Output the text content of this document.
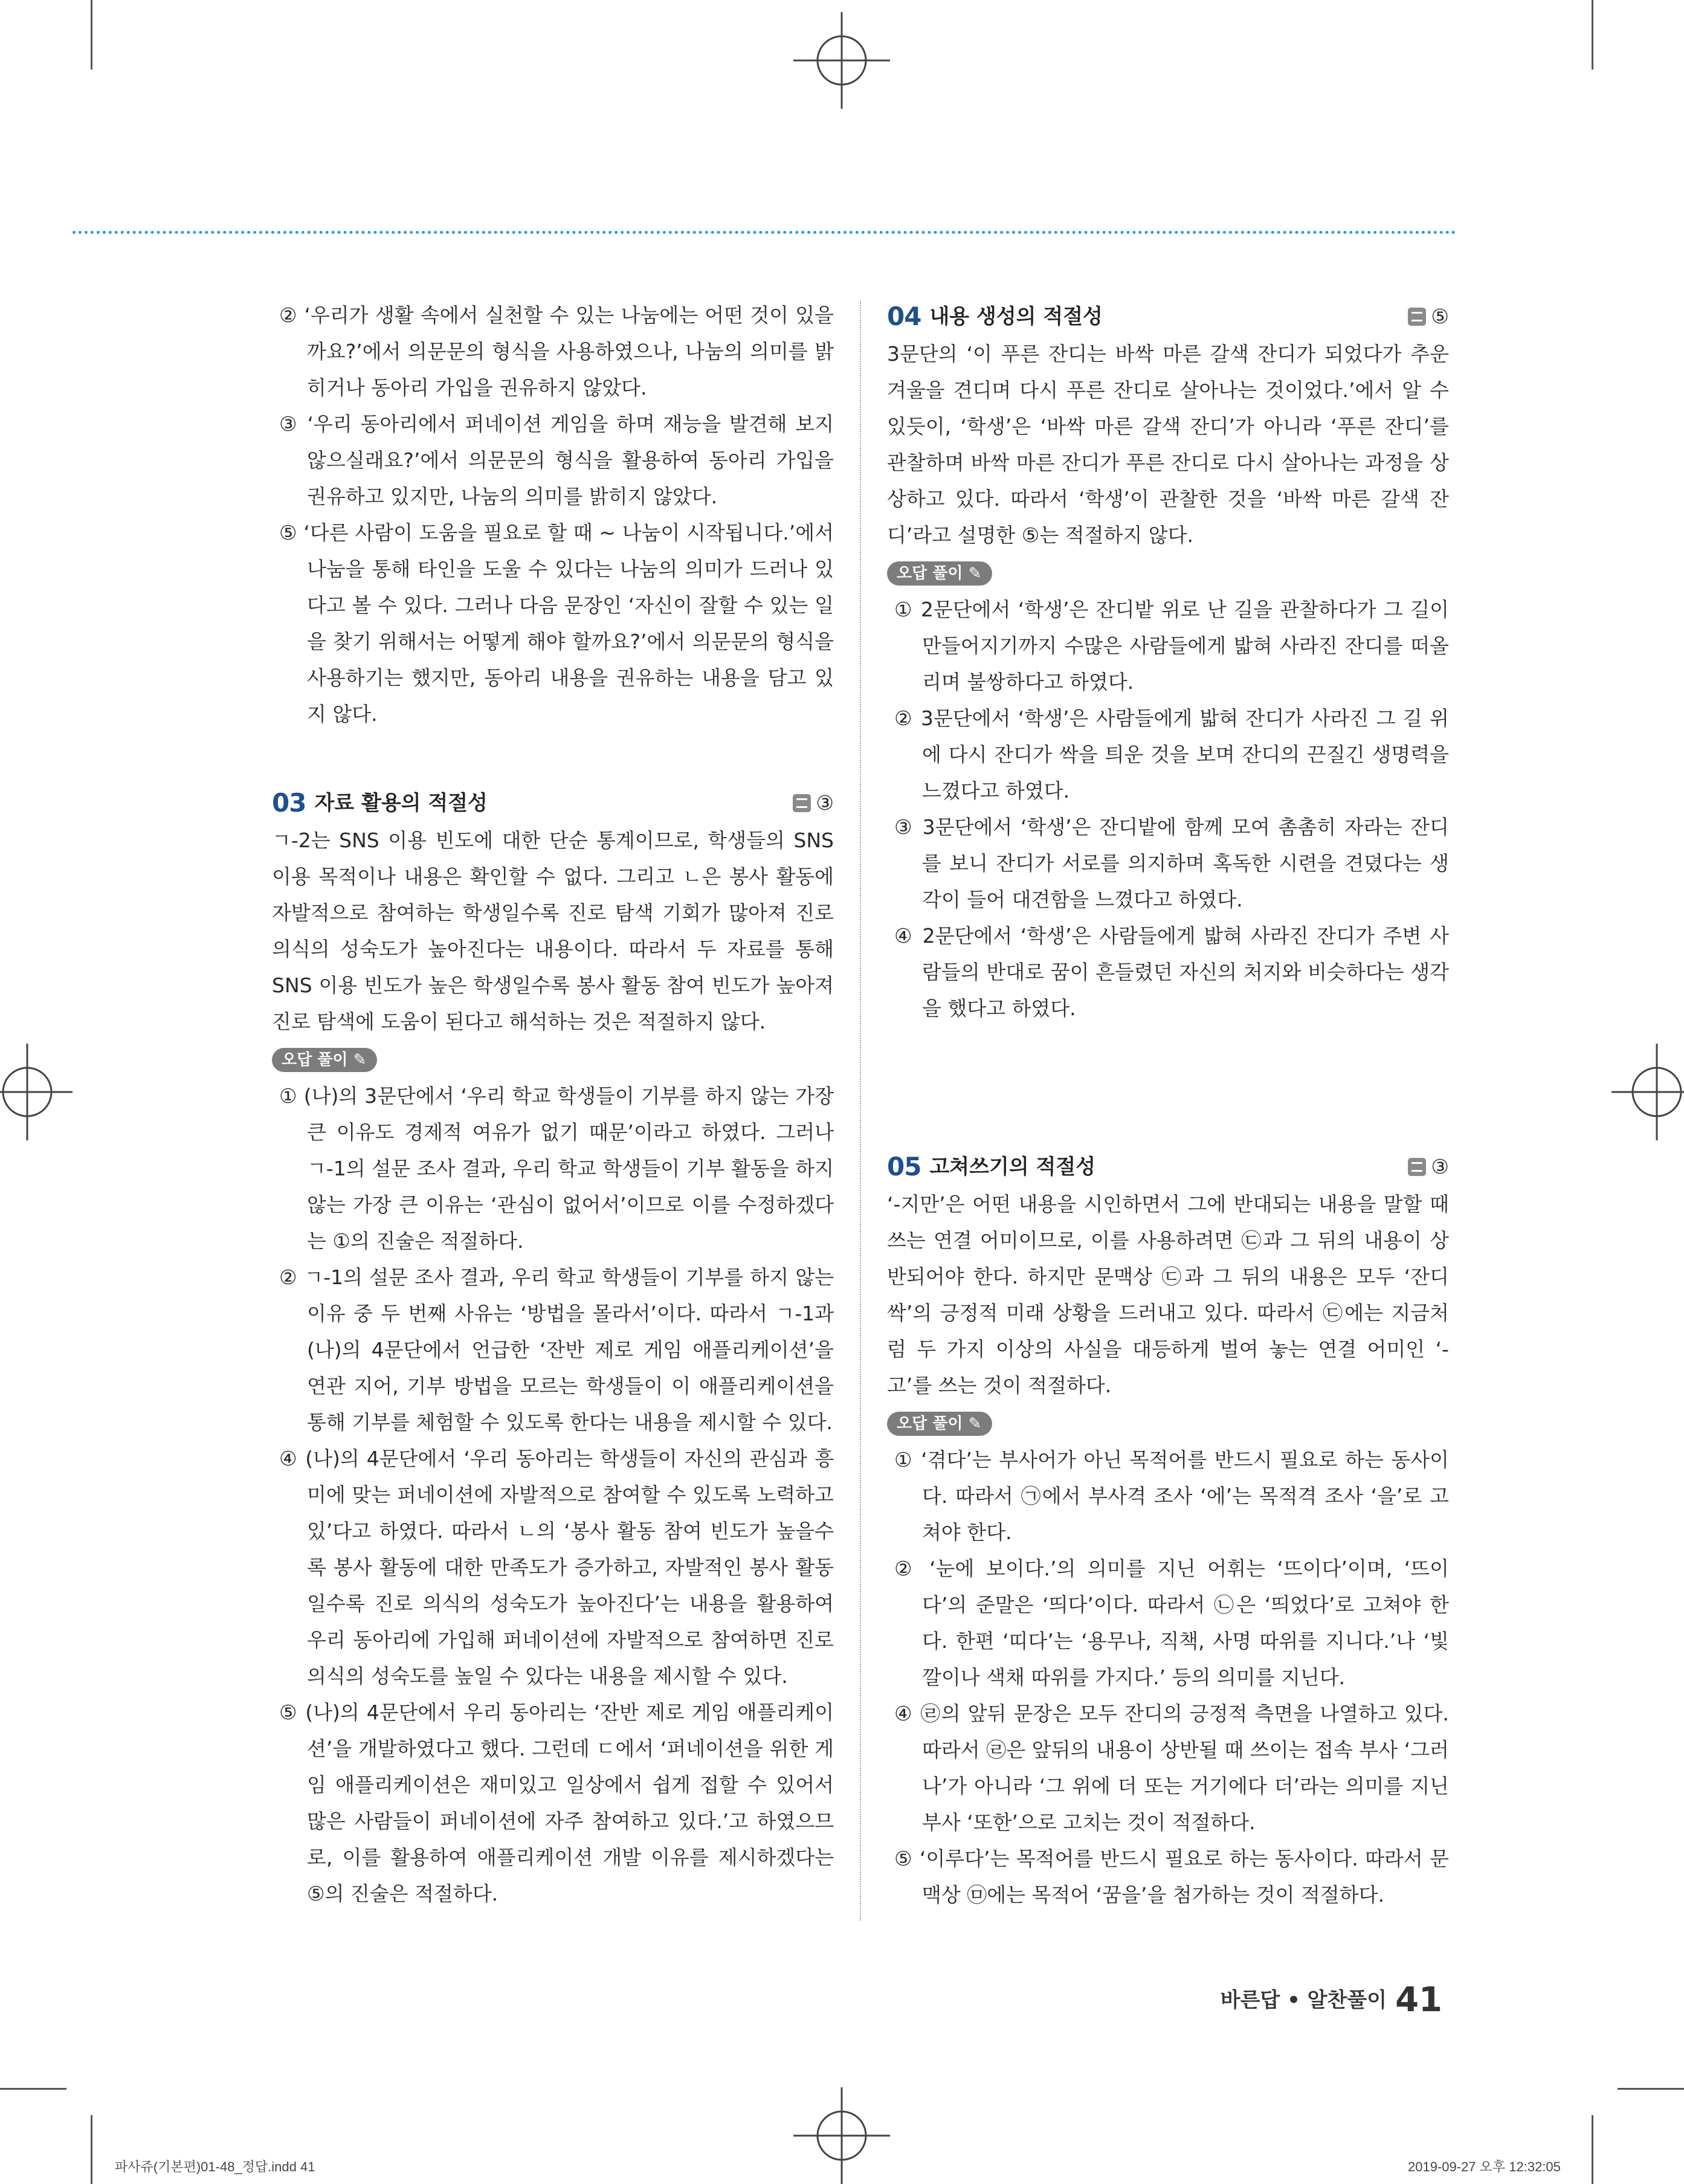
② ‘우리가 생활 속에서 실천할 수 있는 나눔에는 어떤 것이 있을까요?’에서 의문문의 형식을 사용하였으나, 나눔의 의미를 밝히거나 동아리 가입을 권유하지 않았다.

③ ‘우리 동아리에서 퍼네이션 게임을 하며 재능을 발견해 보지 않으실래요?’에서 의문문의 형식을 활용하여 동아리 가입을 권유하고 있지만, 나눔의 의미를 밝히지 않았다.

⑤ ‘다른 사람이 도움을 필요로 할 때 ~ 나눔이 시작됩니다.’에서 나눔을 통해 타인을 도울 수 있다는 나눔의 의미가 드러나 있다고 볼 수 있다. 그러나 다음 문장인 ‘자신이 잘할 수 있는 일을 찾기 위해서는 어떻게 해야 할까요?’에서 의문문의 형식을 사용하기는 했지만, 동아리 내용을 권유하는 내용을 담고 있지 않다.

03 자료 활용의 적절성	③

ㄱ-2는 SNS 이용 빈도에 대한 단순 통계이므로, 학생들의 SNS 이용 목적이나 내용은 확인할 수 없다. 그리고 ㄴ은 봉사 활동에 자발적으로 참여하는 학생일수록 진로 탐색 기회가 많아져 진로 의식의 성숙도가 높아진다는 내용이다. 따라서 두 자료를 통해 SNS 이용 빈도가 높은 학생일수록 봉사 활동 참여 빈도가 높아져 진로 탐색에 도움이 된다고 해석하는 것은 적절하지 않다.

오답 풀이 ✎

① (나)의 3문단에서 ‘우리 학교 학생들이 기부를 하지 않는 가장 큰 이유도 경제적 여유가 없기 때문’이라고 하였다. 그러나 ㄱ-1의 설문 조사 결과, 우리 학교 학생들이 기부 활동을 하지 않는 가장 큰 이유는 ‘관심이 없어서’이므로 이를 수정하겠다는 ①의 진술은 적절하다.

② ㄱ-1의 설문 조사 결과, 우리 학교 학생들이 기부를 하지 않는 이유 중 두 번째 사유는 ‘방법을 몰라서’이다. 따라서 ㄱ-1과 (나)의 4문단에서 언급한 ‘잔반 제로 게임 애플리케이션’을 연관 지어, 기부 방법을 모르는 학생들이 이 애플리케이션을 통해 기부를 체험할 수 있도록 한다는 내용을 제시할 수 있다.

④ (나)의 4문단에서 ‘우리 동아리는 학생들이 자신의 관심과 흥미에 맞는 퍼네이션에 자발적으로 참여할 수 있도록 노력하고 있’다고 하였다. 따라서 ㄴ의 ‘봉사 활동 참여 빈도가 높을수록 봉사 활동에 대한 만족도가 증가하고, 자발적인 봉사 활동일수록 진로 의식의 성숙도가 높아진다’는 내용을 활용하여 우리 동아리에 가입해 퍼네이션에 자발적으로 참여하면 진로 의식의 성숙도를 높일 수 있다는 내용을 제시할 수 있다.

⑤ (나)의 4문단에서 우리 동아리는 ‘잔반 제로 게임 애플리케이션’을 개발하였다고 했다. 그런데 ㄷ에서 ‘퍼네이션을 위한 게임 애플리케이션은 재미있고 일상에서 쉽게 접할 수 있어서 많은 사람들이 퍼네이션에 자주 참여하고 있다.’고 하였으므로, 이를 활용하여 애플리케이션 개발 이유를 제시하겠다는 ⑤의 진술은 적절하다.

04 내용 생성의 적절성	⑤

3문단의 ‘이 푸른 잔디는 바싹 마른 갈색 잔디가 되었다가 추운 겨울을 견디며 다시 푸른 잔디로 살아나는 것이었다.’에서 알 수 있듯이, ‘학생’은 ‘바싹 마른 갈색 잔디’가 아니라 ‘푸른 잔디’를 관찰하며 바싹 마른 잔디가 푸른 잔디로 다시 살아나는 과정을 상상하고 있다. 따라서 ‘학생’이 관찰한 것을 ‘바싹 마른 갈색 잔디’라고 설명한 ⑤는 적절하지 않다.

오답 풀이 ✎

① 2문단에서 ‘학생’은 잔디밭 위로 난 길을 관찰하다가 그 길이 만들어지기까지 수많은 사람들에게 밟혀 사라진 잔디를 떠올리며 불쌍하다고 하였다.

② 3문단에서 ‘학생’은 사람들에게 밟혀 잔디가 사라진 그 길 위에 다시 잔디가 싹을 틔운 것을 보며 잔디의 끈질긴 생명력을 느꼈다고 하였다.

③ 3문단에서 ‘학생’은 잔디밭에 함께 모여 촘촘히 자라는 잔디를 보니 잔디가 서로를 의지하며 혹독한 시련을 견뎠다는 생각이 들어 대견함을 느꼈다고 하였다.

④ 2문단에서 ‘학생’은 사람들에게 밟혀 사라진 잔디가 주변 사람들의 반대로 꿈이 흔들렸던 자신의 처지와 비슷하다는 생각을 했다고 하였다.

05 고쳐쓰기의 적절성	③

‘-지만’은 어떤 내용을 시인하면서 그에 반대되는 내용을 말할 때 쓰는 연결 어미이므로, 이를 사용하려면 ㉢과 그 뒤의 내용이 상반되어야 한다. 하지만 문맥상 ㉢과 그 뒤의 내용은 모두 ‘잔디 싹’의 긍정적 미래 상황을 드러내고 있다. 따라서 ㉢에는 지금처럼 두 가지 이상의 사실을 대등하게 벌여 놓는 연결 어미인 ‘-고’를 쓰는 것이 적절하다.

오답 풀이 ✎

① ‘겪다’는 부사어가 아닌 목적어를 반드시 필요로 하는 동사이다. 따라서 ㉠에서 부사격 조사 ‘에’는 목적격 조사 ‘을’로 고쳐야 한다.

② ‘눈에 보이다.’의 의미를 지닌 어휘는 ‘뜨이다’이며, ‘뜨이다’의 준말은 ‘띄다’이다. 따라서 ㉡은 ‘띄었다’로 고쳐야 한다. 한편 ‘띠다’는 ‘용무나, 직책, 사명 따위를 지니다.’나 ‘빛깔이나 색채 따위를 가지다.’ 등의 의미를 지닌다.

④ ㉣의 앞뒤 문장은 모두 잔디의 긍정적 측면을 나열하고 있다. 따라서 ㉣은 앞뒤의 내용이 상반될 때 쓰이는 접속 부사 ‘그러나’가 아니라 ‘그 위에 더 또는 거기에다 더’라는 의미를 지닌 부사 ‘또한’으로 고치는 것이 적절하다.

⑤ ‘이루다’는 목적어를 반드시 필요로 하는 동사이다. 따라서 문맥상 ㉤에는 목적어 ‘꿈을’을 첨가하는 것이 적절하다.

바른답 • 알찬풀이 41
파사쥬(기본편)01-48_정답.indd 41	2019-09-27 오후 12:32:05
